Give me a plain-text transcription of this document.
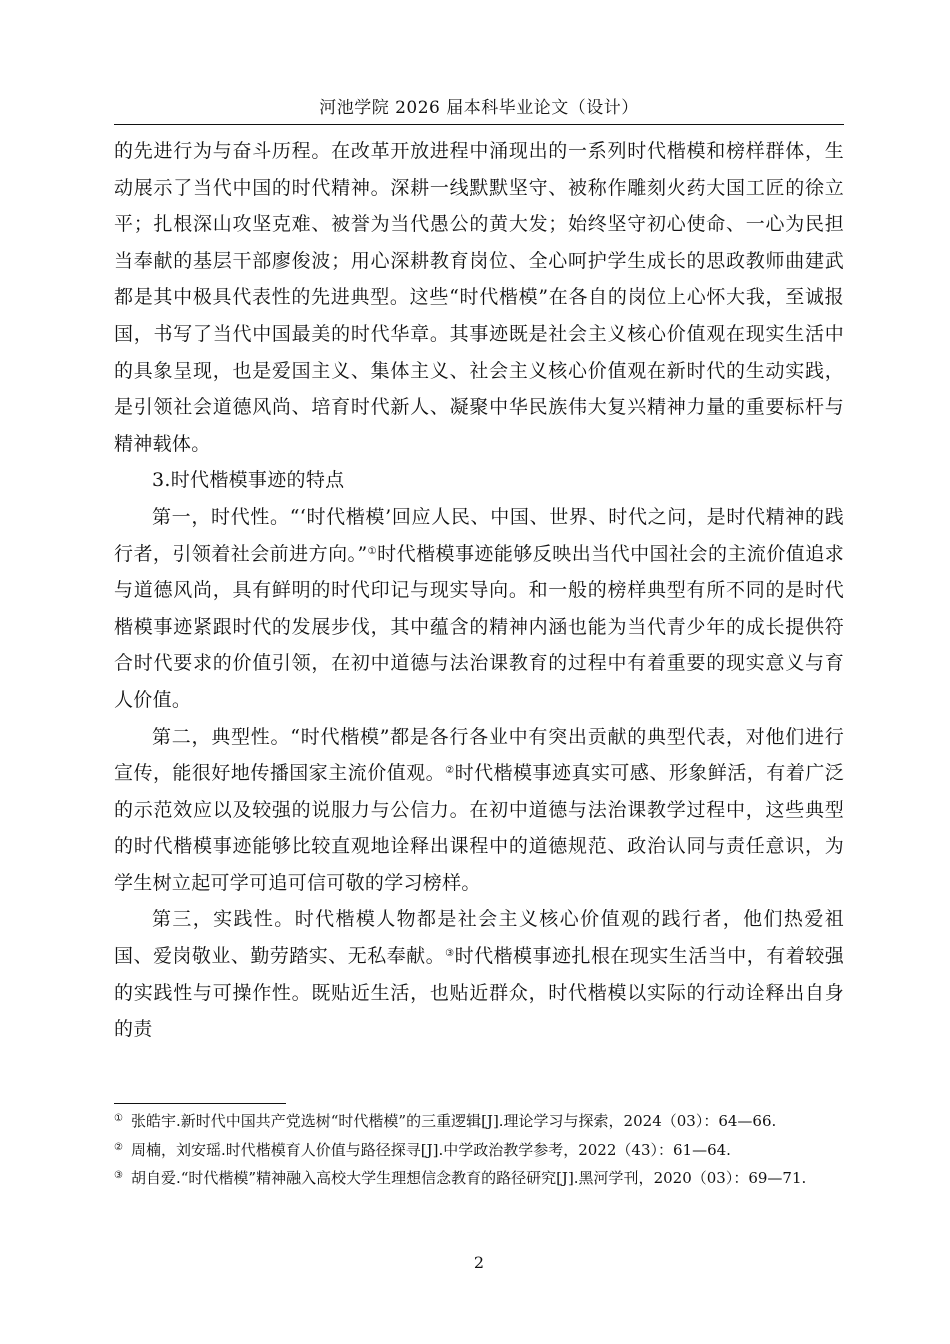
河池学院 2026 届本科毕业论文（设计）

的先进行为与奋斗历程。在改革开放进程中涌现出的一系列时代楷模和榜样群体，生动展示了当代中国的时代精神。深耕一线默默坚守、被称作雕刻火药大国工匠的徐立平；扎根深山攻坚克难、被誉为当代愚公的黄大发；始终坚守初心使命、一心为民担当奉献的基层干部廖俊波；用心深耕教育岗位、全心呵护学生成长的思政教师曲建武都是其中极具代表性的先进典型。这些“时代楷模”在各自的岗位上心怀大我，至诚报国，书写了当代中国最美的时代华章。其事迹既是社会主义核心价值观在现实生活中的具象呈现，也是爱国主义、集体主义、社会主义核心价值观在新时代的生动实践，是引领社会道德风尚、培育时代新人、凝聚中华民族伟大复兴精神力量的重要标杆与精神载体。

3.时代楷模事迹的特点

第一，时代性。“‘时代楷模’回应人民、中国、世界、时代之问，是时代精神的践行者，引领着社会前进方向。”①时代楷模事迹能够反映出当代中国社会的主流价值追求与道德风尚，具有鲜明的时代印记与现实导向。和一般的榜样典型有所不同的是时代楷模事迹紧跟时代的发展步伐，其中蕴含的精神内涵也能为当代青少年的成长提供符合时代要求的价值引领，在初中道德与法治课教育的过程中有着重要的现实意义与育人价值。

第二，典型性。“时代楷模”都是各行各业中有突出贡献的典型代表，对他们进行宣传，能很好地传播国家主流价值观。②时代楷模事迹真实可感、形象鲜活，有着广泛的示范效应以及较强的说服力与公信力。在初中道德与法治课教学过程中，这些典型的时代楷模事迹能够比较直观地诠释出课程中的道德规范、政治认同与责任意识，为学生树立起可学可追可信可敬的学习榜样。

第三，实践性。时代楷模人物都是社会主义核心价值观的践行者，他们热爱祖国、爱岗敬业、勤劳踏实、无私奉献。③时代楷模事迹扎根在现实生活当中，有着较强的实践性与可操作性。既贴近生活，也贴近群众，时代楷模以实际的行动诠释出自身的责

① 张皓宇.新时代中国共产党选树“时代楷模”的三重逻辑[J].理论学习与探索，2024（03）：64—66.
② 周楠，刘安瑶.时代楷模育人价值与路径探寻[J].中学政治教学参考，2022（43）：61—64.
③ 胡自爱.“时代楷模”精神融入高校大学生理想信念教育的路径研究[J].黑河学刊，2020（03）：69—71.
2
